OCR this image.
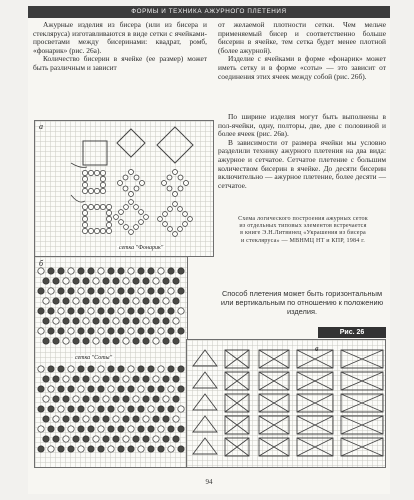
ФОРМЫ И ТЕХНИКА АЖУРНОГО ПЛЕТЕНИЯ

Ажурные изделия из бисера (или из бисера и стекляруса) изготавливаются в виде сетки с ячейками-просветами между бисеринами: квадрат, ромб, «фонарик» (рис. 26а).

Количество бисерин в ячейке (ее размер) может быть различным и зависит

от желаемой плотности сетки. Чем мельче применяемый бисер и соответственно больше бисерин в ячейке, тем сетка будет менее плотной (более ажурной).

Изделие с ячейками в форме «фонарик» может иметь сетку и в форме «соты» — это зависит от соединения этих ячеек между собой (рис. 26б).

По ширине изделия могут быть выполнены в пол-ячейки, одну, полторы, две, две с половиной и более ячеек (рис. 26в).

В зависимости от размера ячейки мы условно разделили технику ажурного плетения на два вида: ажурное и сетчатое. Сетчатое плетение с большим количеством бисерин в ячейке. До десяти бисерин включительно — ажурное плетение, более десяти — сетчатое.

Схема логического построения ажурных сеток из отдельных типовых элементов встречается в книге Э.Н.Литвинец «Украшения из бисера и стекляруса» — МВНМЦ НТ и КПР, 1984 г.
Способ плетения может быть горизонтальным или вертикальным по отношению к положению изделия.
Рис. 26
а
сетка "Фонарик"
б
сетка "Соты"
в
94
